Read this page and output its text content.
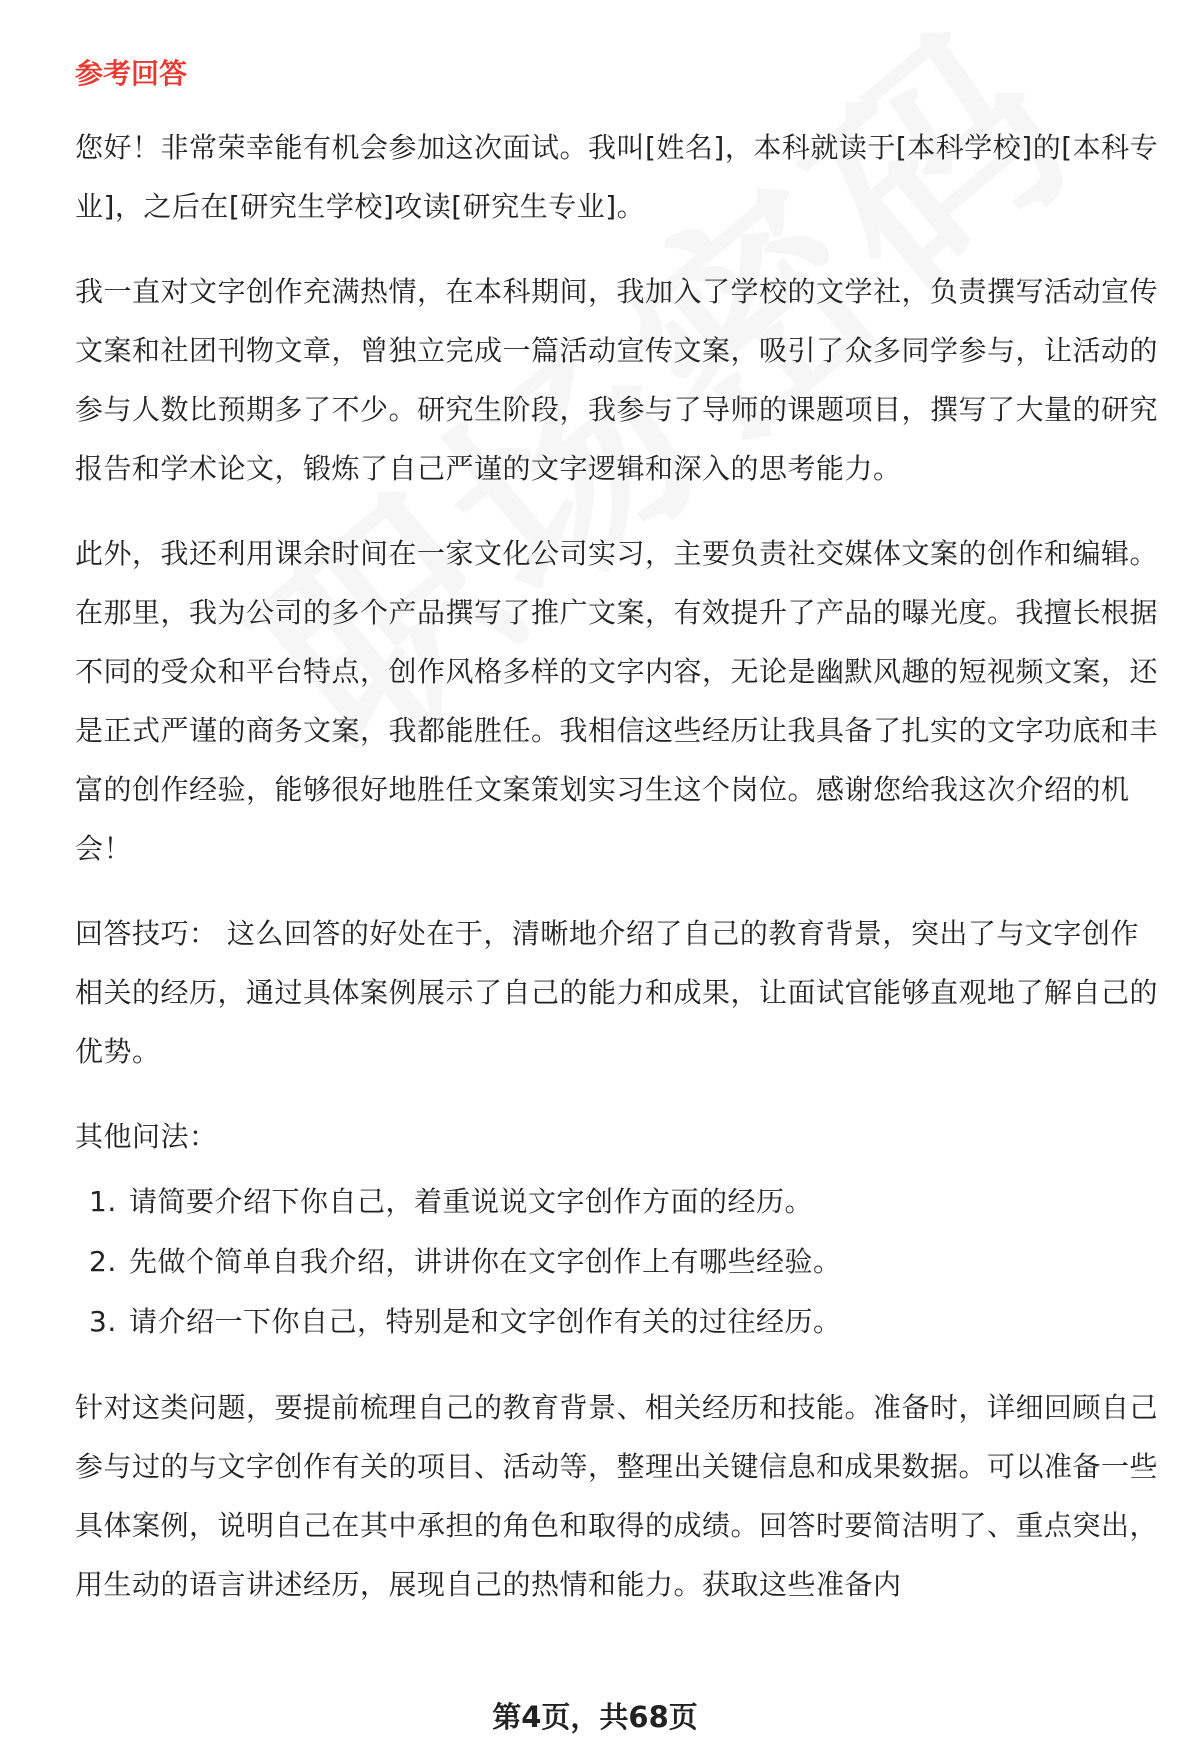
参考回答

您好！非常荣幸能有机会参加这次面试。我叫[姓名]，本科就读于[本科学校]的[本科专业]，之后在[研究生学校]攻读[研究生专业]。

我一直对文字创作充满热情，在本科期间，我加入了学校的文学社，负责撰写活动宣传文案和社团刊物文章，曾独立完成一篇活动宣传文案，吸引了众多同学参与，让活动的参与人数比预期多了不少。研究生阶段，我参与了导师的课题项目，撰写了大量的研究报告和学术论文，锻炼了自己严谨的文字逻辑和深入的思考能力。

此外，我还利用课余时间在一家文化公司实习，主要负责社交媒体文案的创作和编辑。在那里，我为公司的多个产品撰写了推广文案，有效提升了产品的曝光度。我擅长根据不同的受众和平台特点，创作风格多样的文字内容，无论是幽默风趣的短视频文案，还是正式严谨的商务文案，我都能胜任。我相信这些经历让我具备了扎实的文字功底和丰富的创作经验，能够很好地胜任文案策划实习生这个岗位。感谢您给我这次介绍的机会！

回答技巧： 这么回答的好处在于，清晰地介绍了自己的教育背景，突出了与文字创作相关的经历，通过具体案例展示了自己的能力和成果，让面试官能够直观地了解自己的优势。

其他问法：

1. 请简要介绍下你自己，着重说说文字创作方面的经历。
2. 先做个简单自我介绍，讲讲你在文字创作上有哪些经验。
3. 请介绍一下你自己，特别是和文字创作有关的过往经历。

针对这类问题，要提前梳理自己的教育背景、相关经历和技能。准备时，详细回顾自己参与过的与文字创作有关的项目、活动等，整理出关键信息和成果数据。可以准备一些具体案例，说明自己在其中承担的角色和取得的成绩。回答时要简洁明了、重点突出，用生动的语言讲述经历，展现自己的热情和能力。获取这些准备内

第4页，共68页
